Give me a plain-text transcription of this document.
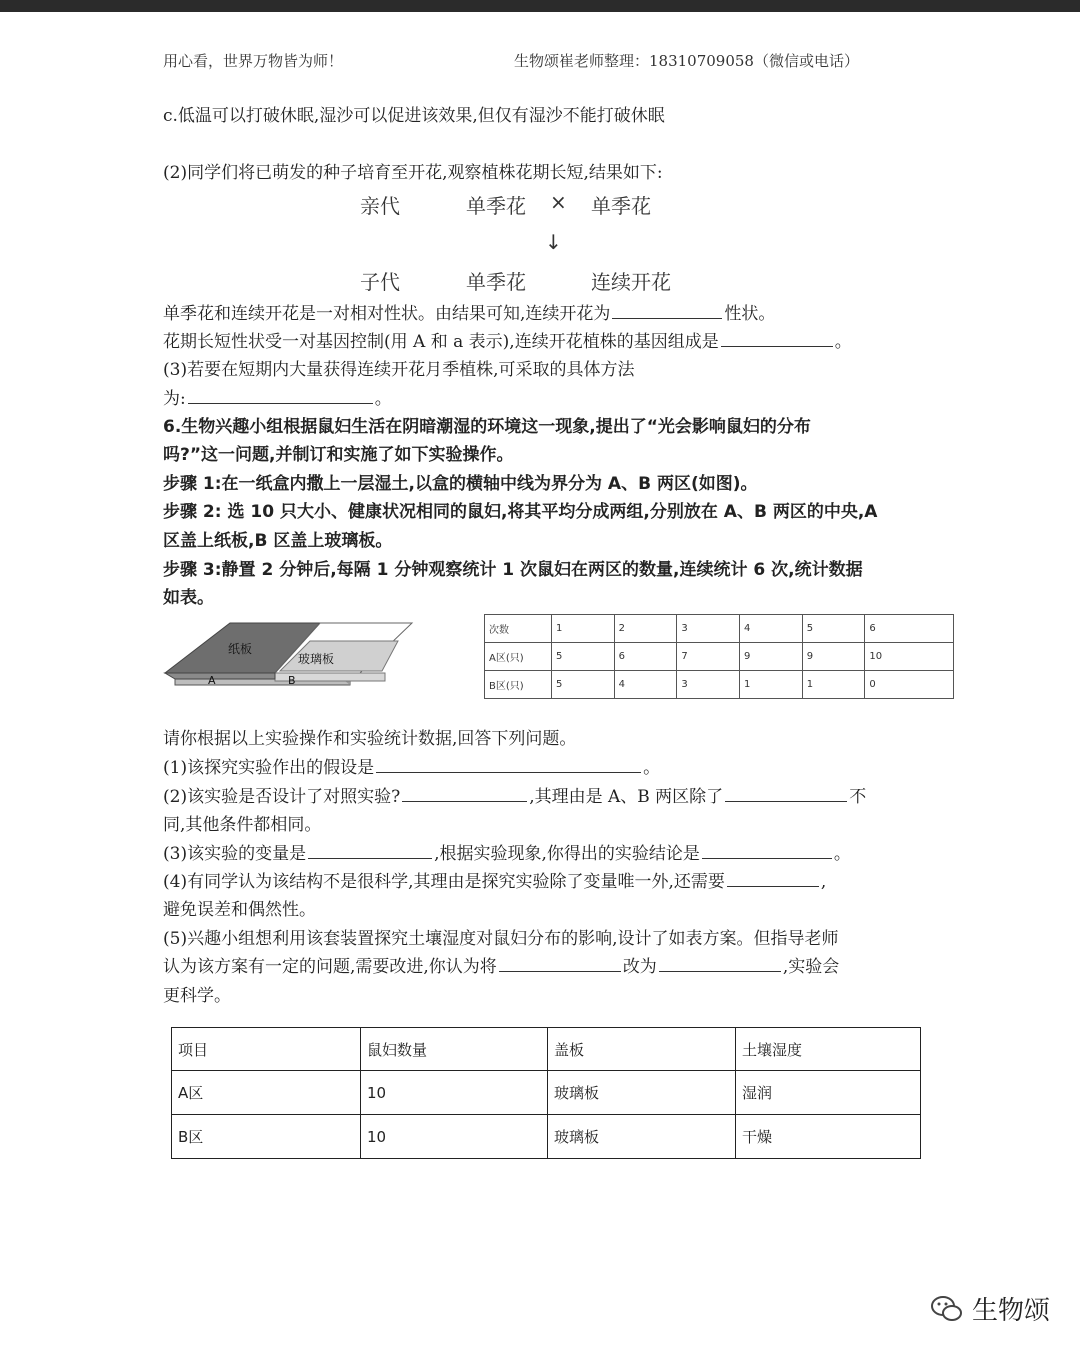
用心看，世界万物皆为师！	生物颂崔老师整理：18310709058（微信或电话）
c.低温可以打破休眠,湿沙可以促进该效果,但仅有湿沙不能打破休眠
(2)同学们将已萌发的种子培育至开花,观察植株花期长短,结果如下:
亲代	单季花 × 单季花
↓
子代	单季花	连续开花
单季花和连续开花是一对相对性状。由结果可知,连续开花为	性状。
花期长短性状受一对基因控制(用 A 和 a 表示),连续开花植株的基因组成是	。
(3)若要在短期内大量获得连续开花月季植株,可采取的具体方法
为:	。
6.生物兴趣小组根据鼠妇生活在阴暗潮湿的环境这一现象,提出了“光会影响鼠妇的分布
吗?”这一问题,并制订和实施了如下实验操作。
步骤 1:在一纸盒内撒上一层湿土,以盒的横轴中线为界分为 A、B 两区(如图)。
步骤 2: 选 10 只大小、健康状况相同的鼠妇,将其平均分成两组,分别放在 A、B 两区的中央,A
区盖上纸板,B 区盖上玻璃板。
步骤 3:静置 2 分钟后,每隔 1 分钟观察统计 1 次鼠妇在两区的数量,连续统计 6 次,统计数据
如表。
纸板
玻璃板
A	B
次数	1	2	3	4	5	6
A区(只)	5	6	7	9	9	10
B区(只)	5	4	3	1	1	0
请你根据以上实验操作和实验统计数据,回答下列问题。
(1)该探究实验作出的假设是	。
(2)该实验是否设计了对照实验?	,其理由是 A、B 两区除了	不
同,其他条件都相同。
(3)该实验的变量是	,根据实验现象,你得出的实验结论是	。
(4)有同学认为该结构不是很科学,其理由是探究实验除了变量唯一外,还需要	,
避免误差和偶然性。
(5)兴趣小组想利用该套装置探究土壤湿度对鼠妇分布的影响,设计了如表方案。但指导老师
认为该方案有一定的问题,需要改进,你认为将	改为	,实验会
更科学。
项目	鼠妇数量	盖板	土壤湿度
A区	10	玻璃板	湿润
B区	10	玻璃板	干燥
生物颂
